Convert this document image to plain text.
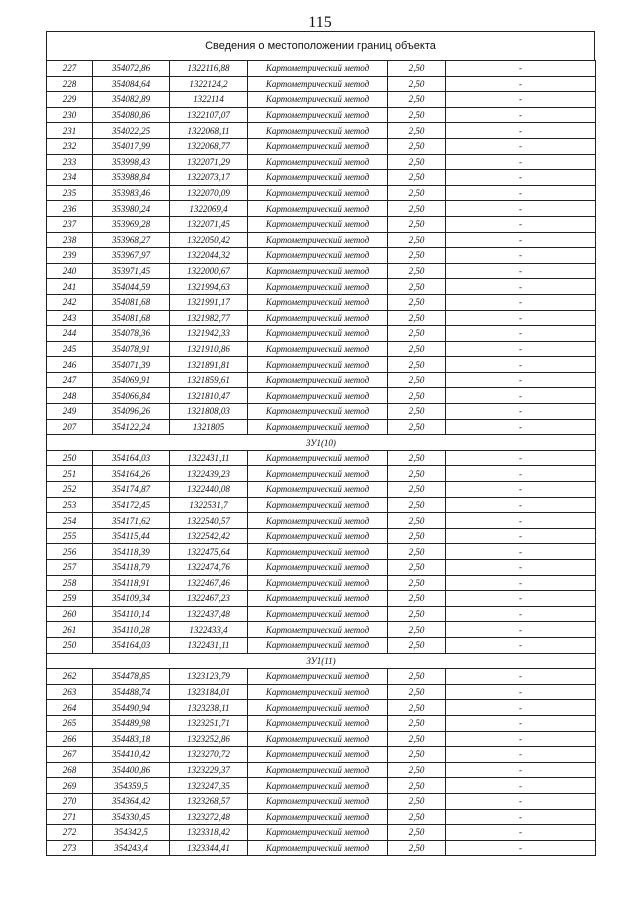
115
Сведения о местоположении границ объекта
227	354072,86	1322116,88	Картометрический метод	2,50	-
228	354084,64	1322124,2	Картометрический метод	2,50	-
229	354082,89	1322114	Картометрический метод	2,50	-
230	354080,86	1322107,07	Картометрический метод	2,50	-
231	354022,25	1322068,11	Картометрический метод	2,50	-
232	354017,99	1322068,77	Картометрический метод	2,50	-
233	353998,43	1322071,29	Картометрический метод	2,50	-
234	353988,84	1322073,17	Картометрический метод	2,50	-
235	353983,46	1322070,09	Картометрический метод	2,50	-
236	353980,24	1322069,4	Картометрический метод	2,50	-
237	353969,28	1322071,45	Картометрический метод	2,50	-
238	353968,27	1322050,42	Картометрический метод	2,50	-
239	353967,97	1322044,32	Картометрический метод	2,50	-
240	353971,45	1322000,67	Картометрический метод	2,50	-
241	354044,59	1321994,63	Картометрический метод	2,50	-
242	354081,68	1321991,17	Картометрический метод	2,50	-
243	354081,68	1321982,77	Картометрический метод	2,50	-
244	354078,36	1321942,33	Картометрический метод	2,50	-
245	354078,91	1321910,86	Картометрический метод	2,50	-
246	354071,39	1321891,81	Картометрический метод	2,50	-
247	354069,91	1321859,61	Картометрический метод	2,50	-
248	354066,84	1321810,47	Картометрический метод	2,50	-
249	354096,26	1321808,03	Картометрический метод	2,50	-
207	354122,24	1321805	Картометрический метод	2,50	-
ЗУ1(10)					
250	354164,03	1322431,11	Картометрический метод	2,50	-
251	354164,26	1322439,23	Картометрический метод	2,50	-
252	354174,87	1322440,08	Картометрический метод	2,50	-
253	354172,45	1322531,7	Картометрический метод	2,50	-
254	354171,62	1322540,57	Картометрический метод	2,50	-
255	354115,44	1322542,42	Картометрический метод	2,50	-
256	354118,39	1322475,64	Картометрический метод	2,50	-
257	354118,79	1322474,76	Картометрический метод	2,50	-
258	354118,91	1322467,46	Картометрический метод	2,50	-
259	354109,34	1322467,23	Картометрический метод	2,50	-
260	354110,14	1322437,48	Картометрический метод	2,50	-
261	354110,28	1322433,4	Картометрический метод	2,50	-
250	354164,03	1322431,11	Картометрический метод	2,50	-
ЗУ1(11)					
262	354478,85	1323123,79	Картометрический метод	2,50	-
263	354488,74	1323184,01	Картометрический метод	2,50	-
264	354490,94	1323238,11	Картометрический метод	2,50	-
265	354489,98	1323251,71	Картометрический метод	2,50	-
266	354483,18	1323252,86	Картометрический метод	2,50	-
267	354410,42	1323270,72	Картометрический метод	2,50	-
268	354400,86	1323229,37	Картометрический метод	2,50	-
269	354359,5	1323247,35	Картометрический метод	2,50	-
270	354364,42	1323268,57	Картометрический метод	2,50	-
271	354330,45	1323272,48	Картометрический метод	2,50	-
272	354342,5	1323318,42	Картометрический метод	2,50	-
273	354243,4	1323344,41	Картометрический метод	2,50	-
